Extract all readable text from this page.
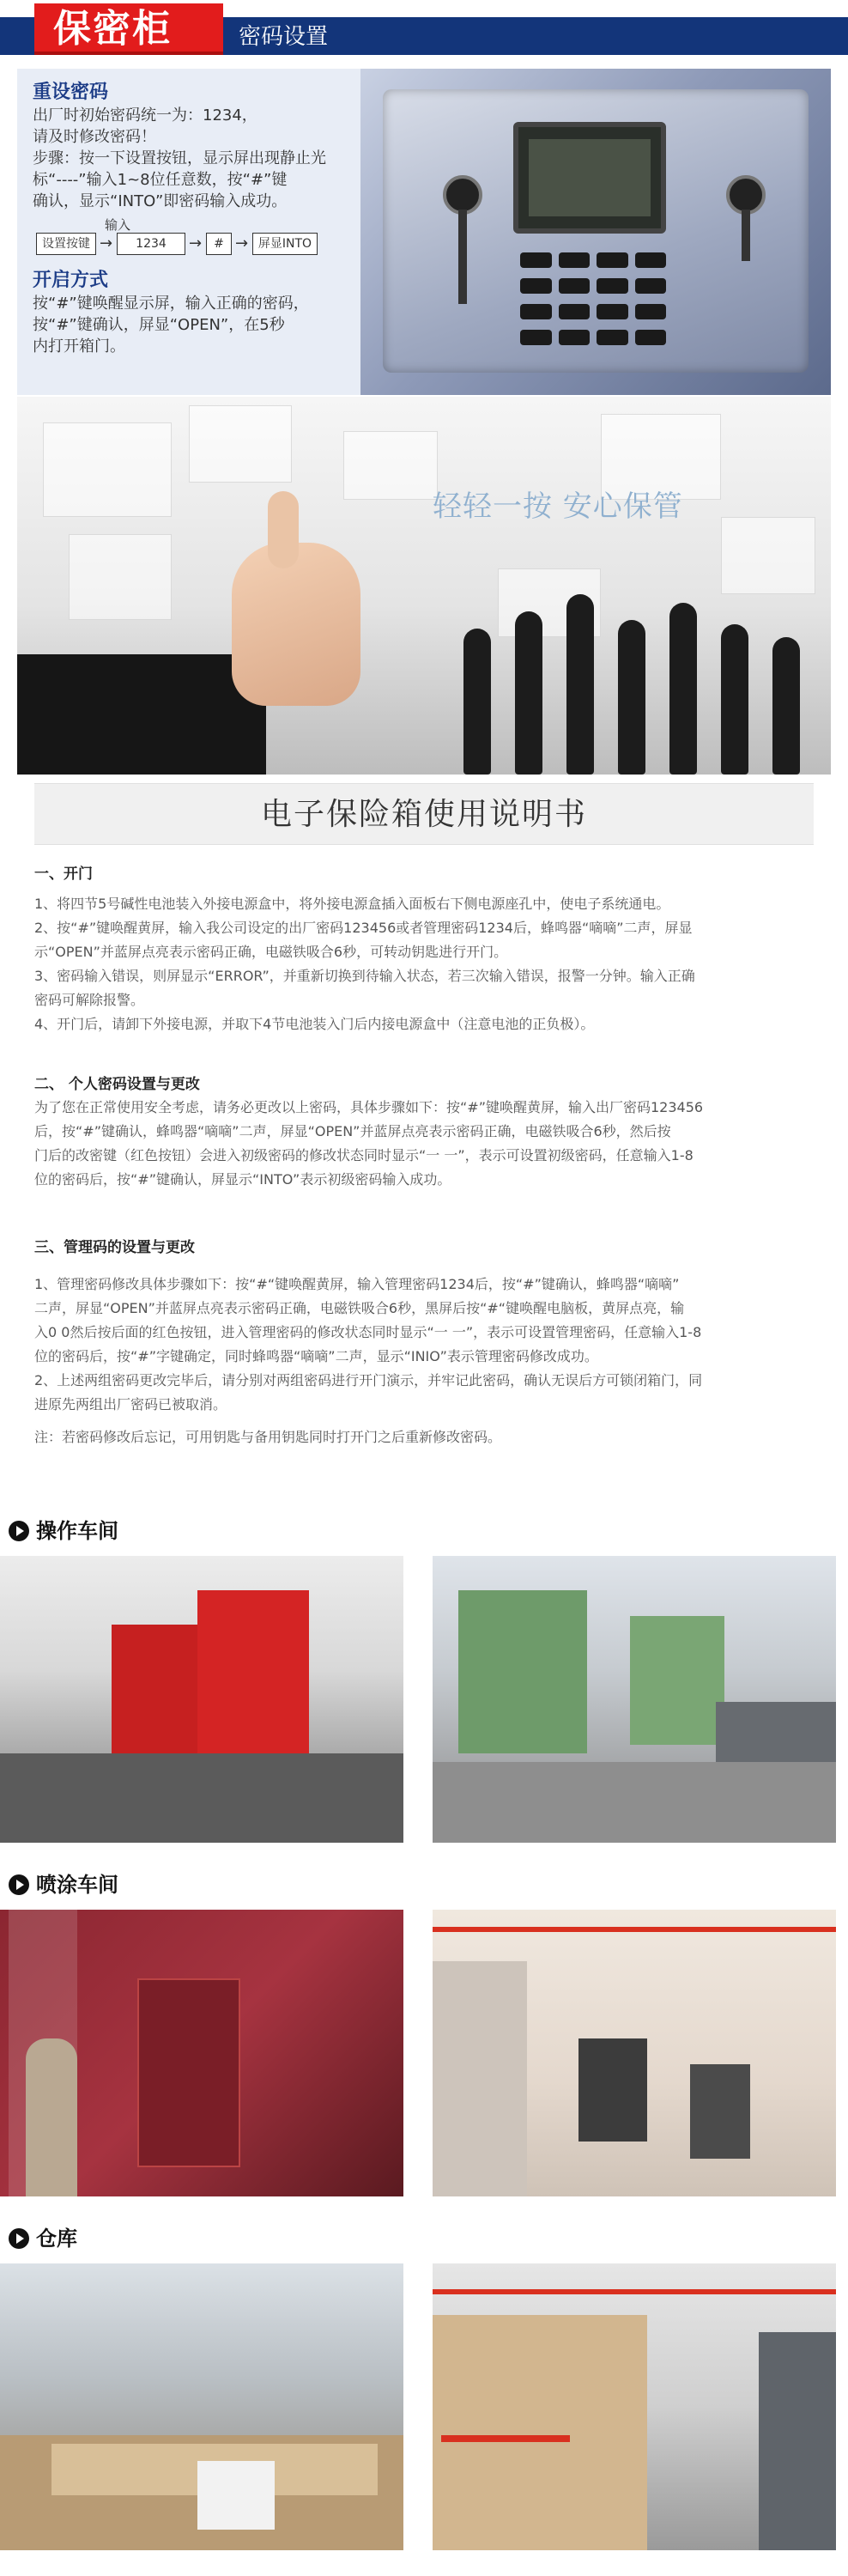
保密柜	密码设置
重设密码
出厂时初始密码统一为：1234，
请及时修改密码！
步骤：按一下设置按钮，显示屏出现静止光
标“----”输入1~8位任意数，按“#”键
确认，显示“INTO”即密码输入成功。
输入
设置按键 →	1234	→	# → 屏显INTO
开启方式
按“#”键唤醒显示屏，输入正确的密码，
按“#”键确认，屏显“OPEN”，在5秒
内打开箱门。
轻轻一按 安心保管
电子保险箱使用说明书
一、开门
1、将四节5号碱性电池装入外接电源盒中，将外接电源盒插入面板右下侧电源座孔中，使电子系统通电。
2、按“#”键唤醒黄屏，输入我公司设定的出厂密码123456或者管理密码1234后，蜂鸣器“嘀嘀”二声，屏显
示“OPEN”并蓝屏点亮表示密码正确，电磁铁吸合6秒，可转动钥匙进行开门。
3、密码输入错误，则屏显示“ERROR”，并重新切换到待输入状态，若三次输入错误，报警一分钟。输入正确
密码可解除报警。
4、开门后，请卸下外接电源，并取下4节电池装入门后内接电源盒中（注意电池的正负极）。
二、 个人密码设置与更改
为了您在正常使用安全考虑，请务必更改以上密码，具体步骤如下：按“#”键唤醒黄屏，输入出厂密码123456
后，按“#”键确认，蜂鸣器“嘀嘀”二声，屏显“OPEN”并蓝屏点亮表示密码正确，电磁铁吸合6秒，然后按
门后的改密键（红色按钮）会进入初级密码的修改状态同时显示“一 一”，表示可设置初级密码，任意输入1-8
位的密码后，按“#”键确认，屏显示“INTO”表示初级密码输入成功。
三、管理码的设置与更改
1、管理密码修改具体步骤如下：按“#“键唤醒黄屏，输入管理密码1234后，按“#”键确认，蜂鸣器“嘀嘀”
二声，屏显“OPEN”并蓝屏点亮表示密码正确，电磁铁吸合6秒，黑屏后按“#“键唤醒电脑板，黄屏点亮，输
入0 0然后按后面的红色按钮，进入管理密码的修改状态同时显示“一 一”，表示可设置管理密码，任意输入1-8
位的密码后，按“#”字键确定，同时蜂鸣器“嘀嘀”二声，显示“INIO”表示管理密码修改成功。
2、上述两组密码更改完毕后，请分别对两组密码进行开门演示，并牢记此密码，确认无误后方可锁闭箱门，同
进原先两组出厂密码已被取消。
注：若密码修改后忘记，可用钥匙与备用钥匙同时打开门之后重新修改密码。
操作车间
喷涂车间
仓库
